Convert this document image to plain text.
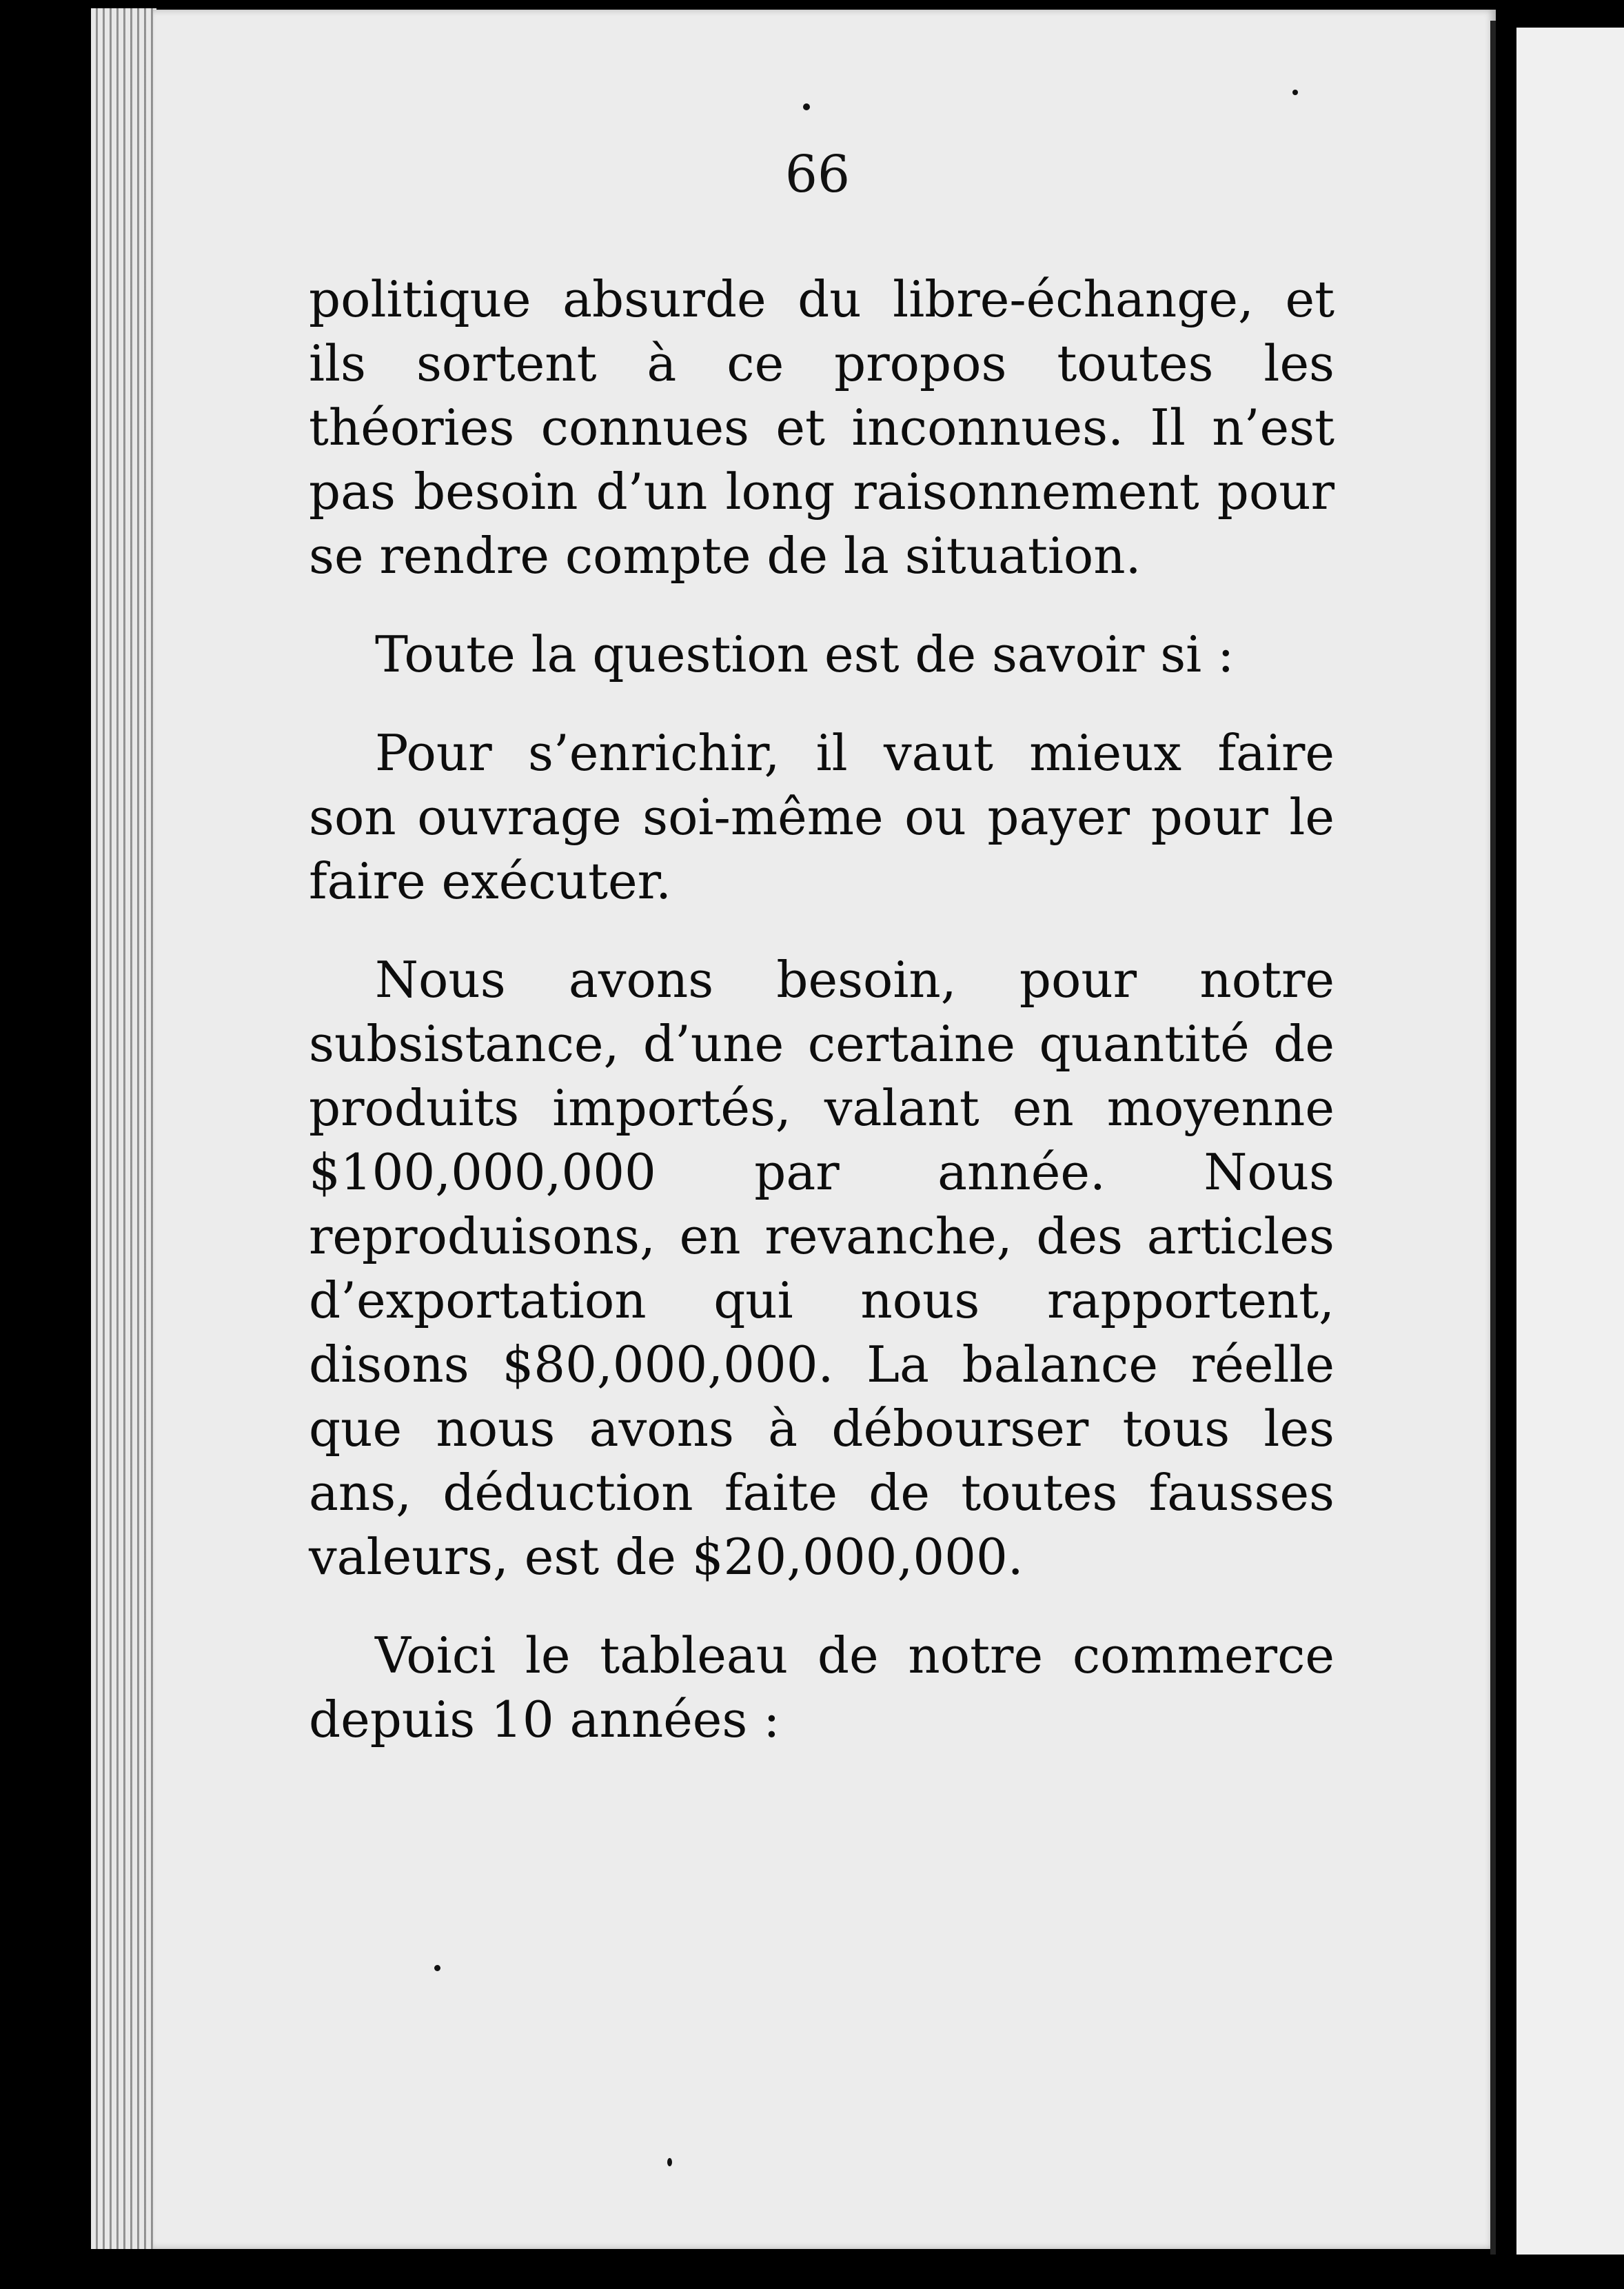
66

politique absurde du libre-échange, et ils sortent à ce propos toutes les théories connues et inconnues. Il n’est pas besoin d’un long raisonnement pour se rendre compte de la situation.

Toute la question est de savoir si :

Pour s’enrichir, il vaut mieux faire son ouvrage soi-même ou payer pour le faire exécuter.

Nous avons besoin, pour notre subsistance, d’une certaine quantité de produits importés, valant en moyenne $100,000,000 par année. Nous reproduisons, en revanche, des articles d’exportation qui nous rapportent, disons $80,000,000. La balance réelle que nous avons à débourser tous les ans, déduction faite de toutes fausses valeurs, est de $20,000,000.

Voici le tableau de notre commerce depuis 10 années :
